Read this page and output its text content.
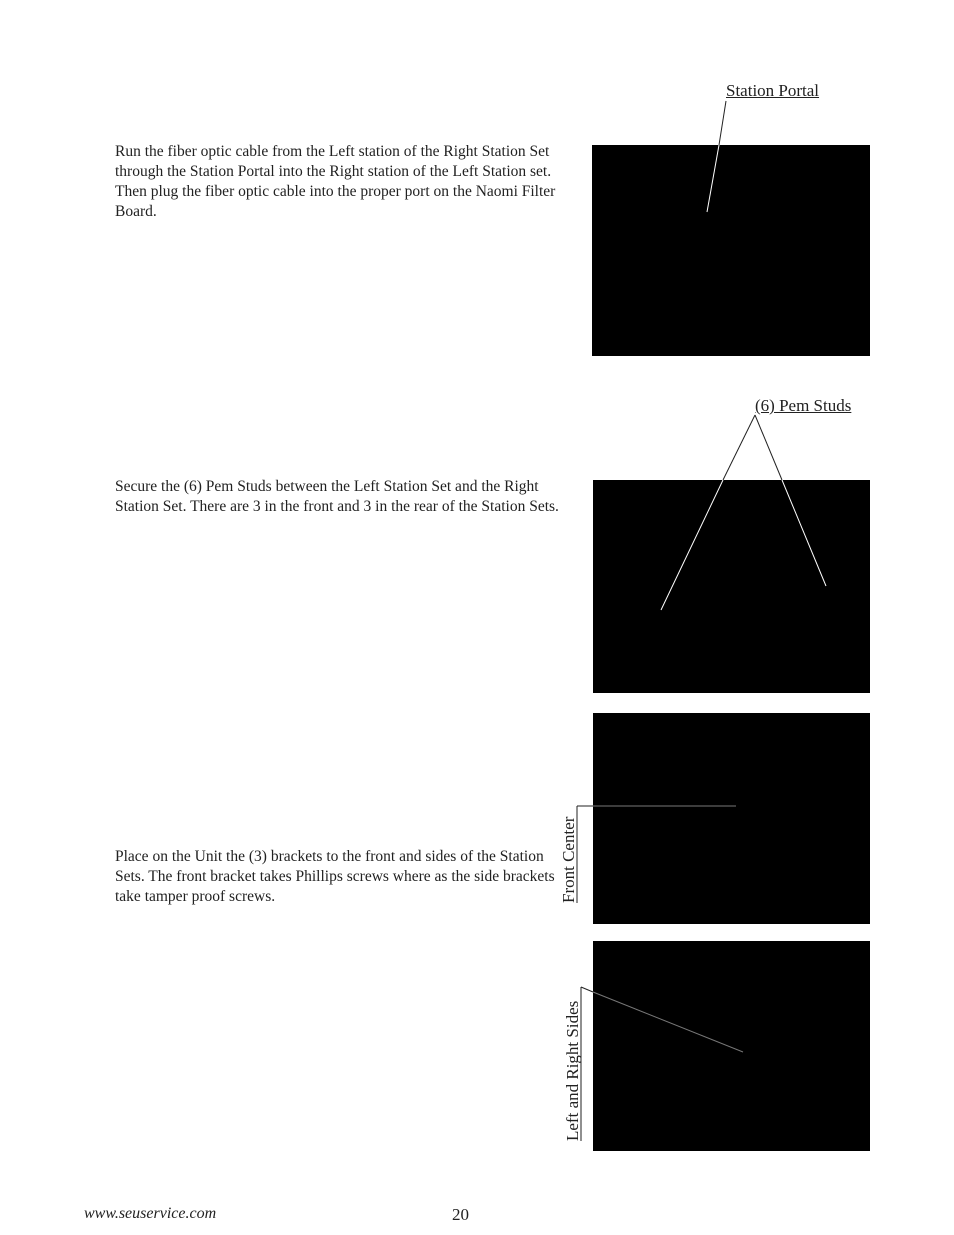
Run the fiber optic cable from the Left station of the Right Station Set through the Station Portal into the Right station of the Left Station set. Then plug the fiber optic cable into the proper port on the Naomi Filter Board.

Station Portal

Secure the (6) Pem Studs between the Left Station Set and the Right Station Set. There are 3 in the front and 3 in the rear of the Station Sets.

(6) Pem Studs

Place on the Unit the (3) brackets to the front and sides of the Station Sets. The front bracket takes Phillips screws where as the side brackets take tamper proof screws.	Front Center
Left and Right Sides
www.seuservice.com	20
